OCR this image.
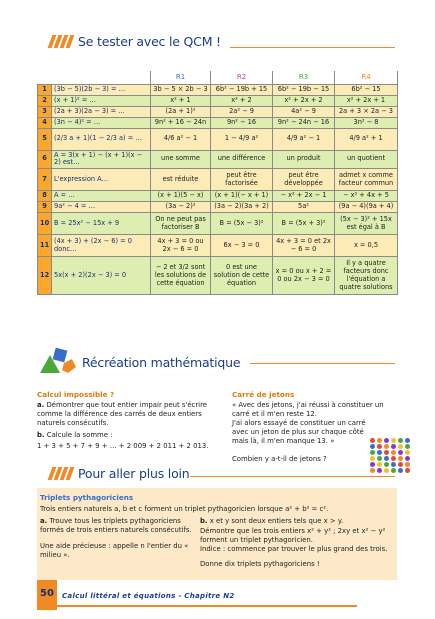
Se tester avec le QCM !
		R1	R2	R3	R4
1	(3b − 5)(2b − 3) = …	3b − 5 × 2b − 3	6b² − 19b + 15	6b² − 19b − 15	6b² − 15
2	(x + 1)² = …	x² + 1	x² + 2	x² + 2x + 2	x² + 2x + 1
3	(2a + 3)(2a − 3) = …	(2a + 1)²	2a² − 9	4a² − 9	2a + 3 × 2a − 3
4	(3n − 4)² = …	9n² + 16 − 24n	9n² − 16	9n² − 24n − 16	3n² − 8
5	(2/3 a + 1)(1 − 2/3 a) = …	4/6 a² − 1	1 − 4/9 a²	4/9 a² − 1	4/9 a² + 1
6	A = 3(x + 1) − (x + 1)(x − 2) est…	une somme	une différence	un produit	un quotient
7	L'expression A…	est réduite	peut être factorisée	peut être développée	admet x comme facteur commun
8	A = …	(x + 1)(5 − x)	(x + 1)(− x + 1)	− x² + 2x − 1	− x² + 4x + 5
9	9a² − 4 = …	(3a − 2)²	(3a − 2)(3a + 2)	5a²	(9a − 4)(9a + 4)
10	B = 25x² − 15x + 9	On ne peut pas factoriser B	B = (5x − 3)²	B = (5x + 3)²	(5x − 3)² + 15x est égal à B
11	(4x + 3) + (2x − 6) = 0 donc…	4x + 3 = 0 ou 2x − 6 = 0	6x − 3 = 0	4x + 3 = 0 et 2x − 6 = 0	x = 0,5
12	5x(x + 2)(2x − 3) = 0	− 2 et 3/2 sont les solutions de cette équation	0 est une solution de cette équation	x = 0 ou x + 2 = 0 ou 2x − 3 = 0	Il y a quatre facteurs donc l'équation a quatre solutions
Récréation mathématique
Calcul impossible ?
a. Démontrer que tout entier impair peut s'écrire comme la différence des carrés de deux entiers naturels consécutifs.
b. Calcule la somme :
1 + 3 + 5 + 7 + 9 + … + 2 009 + 2 011 + 2 013.
Carré de jetons
« Avec des jetons, j'ai réussi à constituer un carré et il m'en reste 12.
J'ai alors essayé de constituer un carré avec un jeton de plus sur chaque côté mais là, il m'en manque 13. »
Combien y a-t-il de jetons ?
Pour aller plus loin
Triplets pythagoriciens
Trois entiers naturels a, b et c forment un triplet pythagoricien lorsque a² + b² = c².
a. Trouve tous les triplets pythagoriciens formés de trois entiers naturels consécutifs.
Une aide précieuse : appelle n l'entier du « milieu ».
b. x et y sont deux entiers tels que x > y.
Démontre que les trois entiers x² + y² ; 2xy et x² − y² forment un triplet pythagoricien.
Indice : commence par trouver le plus grand des trois.
Donne dix triplets pythagoriciens !
50 Calcul littéral et équations - Chapitre N2
